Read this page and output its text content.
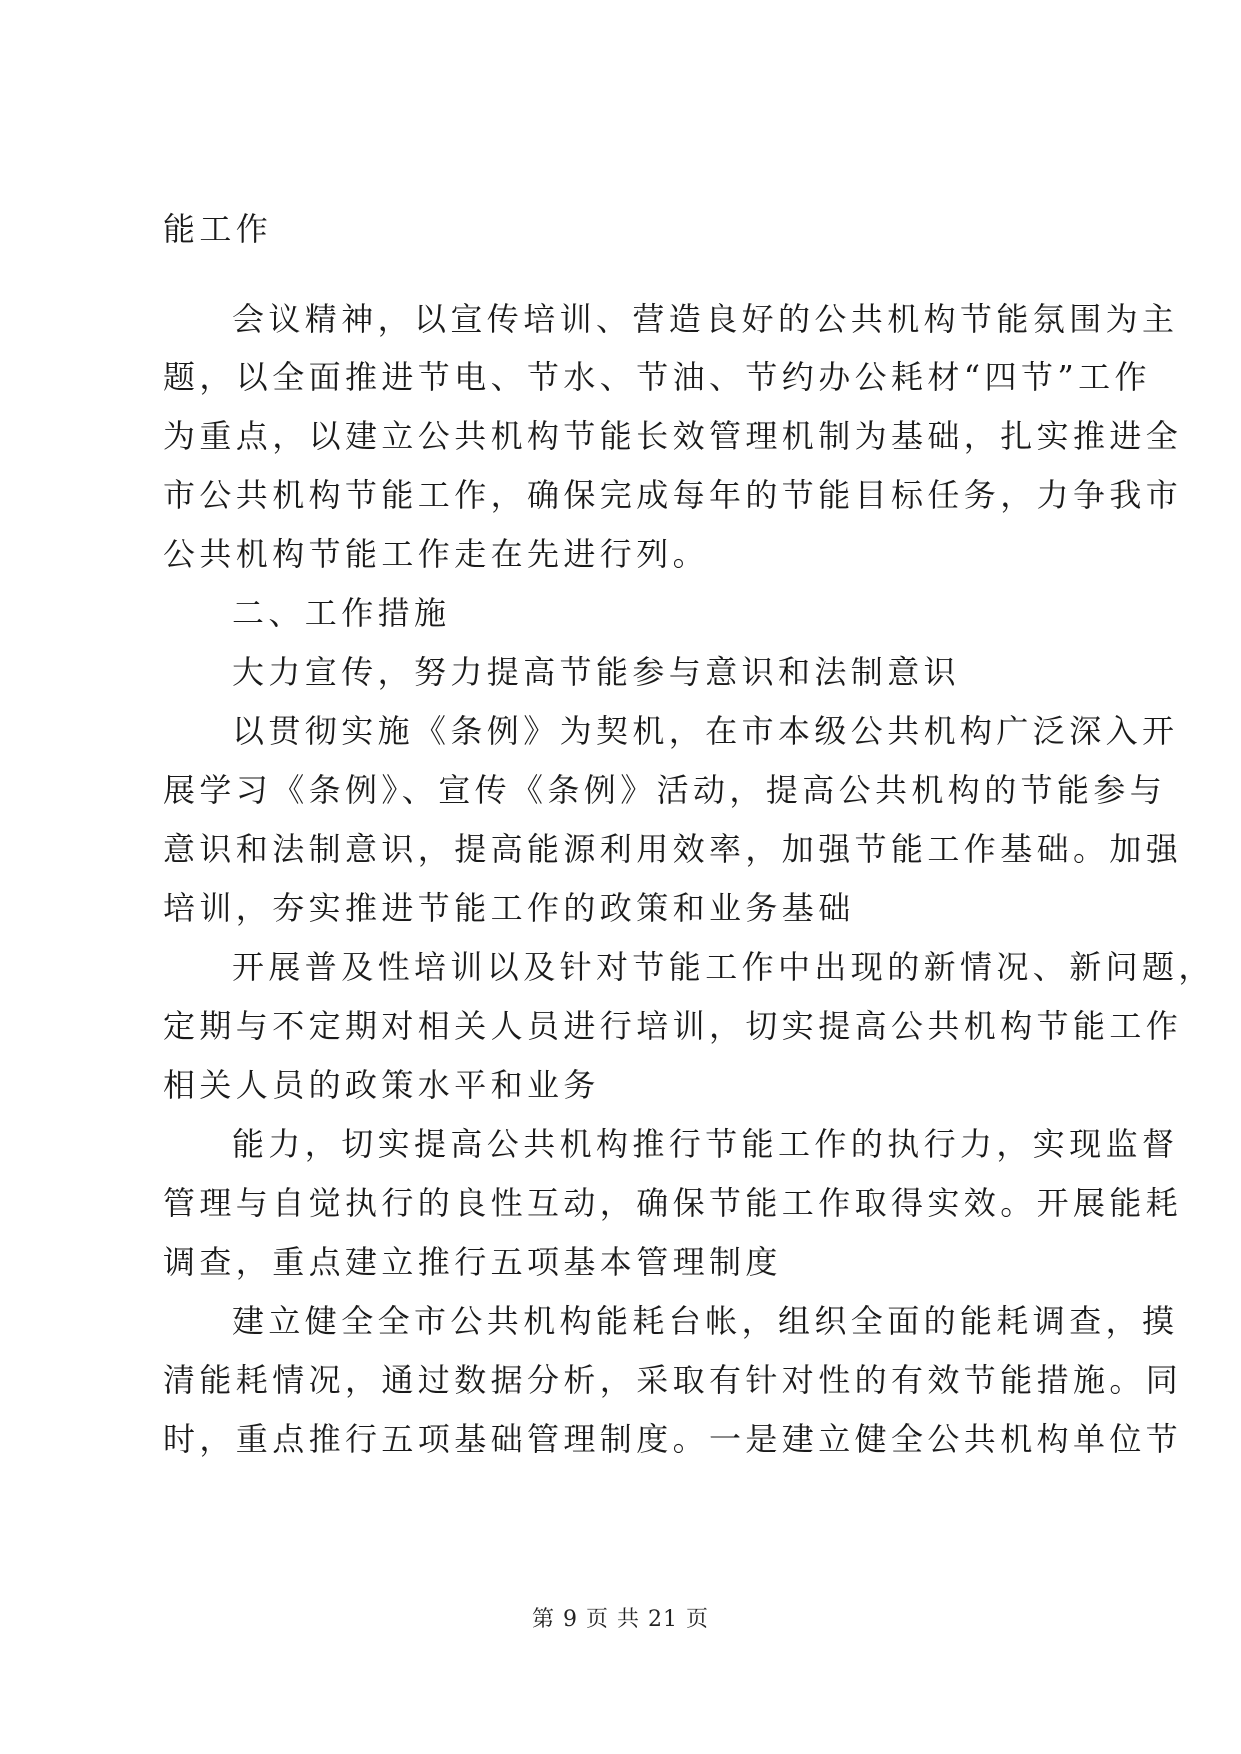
能工作

会议精神，以宣传培训、营造良好的公共机构节能氛围为主

题，以全面推进节电、节水、节油、节约办公耗材“四节”工作

为重点，以建立公共机构节能长效管理机制为基础，扎实推进全

市公共机构节能工作，确保完成每年的节能目标任务，力争我市

公共机构节能工作走在先进行列。

二、工作措施

大力宣传，努力提高节能参与意识和法制意识

以贯彻实施《条例》为契机，在市本级公共机构广泛深入开

展学习《条例》、宣传《条例》活动，提高公共机构的节能参与

意识和法制意识，提高能源利用效率，加强节能工作基础。加强

培训，夯实推进节能工作的政策和业务基础

开展普及性培训以及针对节能工作中出现的新情况、新问题，

定期与不定期对相关人员进行培训，切实提高公共机构节能工作

相关人员的政策水平和业务

能力，切实提高公共机构推行节能工作的执行力，实现监督

管理与自觉执行的良性互动，确保节能工作取得实效。开展能耗

调查，重点建立推行五项基本管理制度

建立健全全市公共机构能耗台帐，组织全面的能耗调查，摸

清能耗情况，通过数据分析，采取有针对性的有效节能措施。同

时，重点推行五项基础管理制度。一是建立健全公共机构单位节

第 9 页 共 21 页
